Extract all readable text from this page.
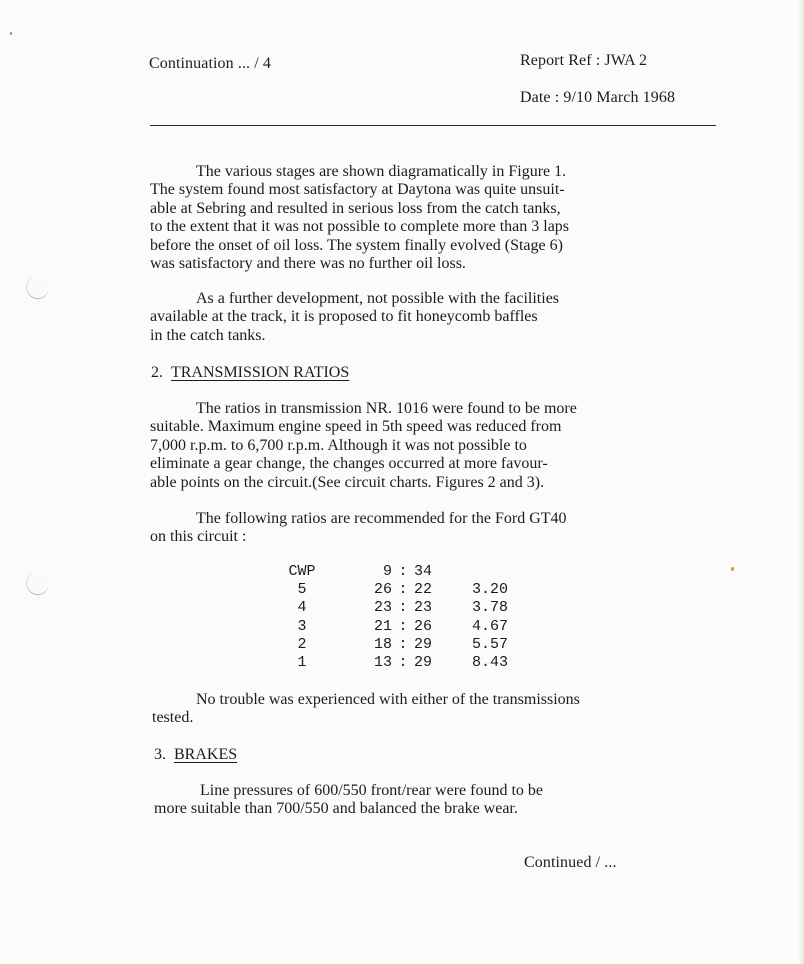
Continuation ... / 4	Report Ref : JWA 2
Date : 9/10 March 1968
The various stages are shown diagramatically in Figure 1.
The system found most satisfactory at Daytona was quite unsuit-
able at Sebring and resulted in serious loss from the catch tanks,
to the extent that it was not possible to complete more than 3 laps
before the onset of oil loss. The system finally evolved (Stage 6)
was satisfactory and there was no further oil loss.
As a further development, not possible with the facilities
available at the track, it is proposed to fit honeycomb baffles
in the catch tanks.
2. TRANSMISSION RATIOS
The ratios in transmission NR. 1016 were found to be more
suitable. Maximum engine speed in 5th speed was reduced from
7,000 r.p.m. to 6,700 r.p.m. Although it was not possible to
eliminate a gear change, the changes occurred at more favour-
able points on the circuit.(See circuit charts. Figures 2 and 3).
The following ratios are recommended for the Ford GT40
on this circuit :
CWP	9	:	34	
5	26	:	22	3.20
4	23	:	23	3.78
3	21	:	26	4.67
2	18	:	29	5.57
1	13	:	29	8.43
No trouble was experienced with either of the transmissions
tested.
3. BRAKES
Line pressures of 600/550 front/rear were found to be
more suitable than 700/550 and balanced the brake wear.
Continued / ...
